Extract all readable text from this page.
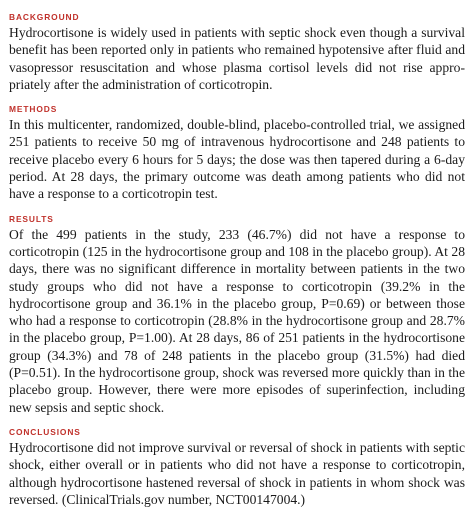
BACKGROUND

Hydrocortisone is widely used in patients with septic shock even though a survival benefit has been reported only in patients who remained hypotensive after fluid and vasopressor resuscitation and whose plasma cortisol levels did not rise appropriately after the administration of corticotropin.

METHODS

In this multicenter, randomized, double-blind, placebo-controlled trial, we assigned 251 patients to receive 50 mg of intravenous hydrocortisone and 248 patients to receive placebo every 6 hours for 5 days; the dose was then tapered during a 6-day period. At 28 days, the primary outcome was death among patients who did not have a response to a corticotropin test.

RESULTS

Of the 499 patients in the study, 233 (46.7%) did not have a response to corticotropin (125 in the hydrocortisone group and 108 in the placebo group). At 28 days, there was no significant difference in mortality between patients in the two study groups who did not have a response to corticotropin (39.2% in the hydrocortisone group and 36.1% in the placebo group, P=0.69) or between those who had a response to corticotropin (28.8% in the hydrocortisone group and 28.7% in the placebo group, P=1.00). At 28 days, 86 of 251 patients in the hydrocortisone group (34.3%) and 78 of 248 patients in the placebo group (31.5%) had died (P=0.51). In the hydrocortisone group, shock was reversed more quickly than in the placebo group. However, there were more episodes of superinfection, including new sepsis and septic shock.

CONCLUSIONS

Hydrocortisone did not improve survival or reversal of shock in patients with septic shock, either overall or in patients who did not have a response to corticotropin, although hydrocortisone hastened reversal of shock in patients in whom shock was reversed. (ClinicalTrials.gov number, NCT00147004.)
